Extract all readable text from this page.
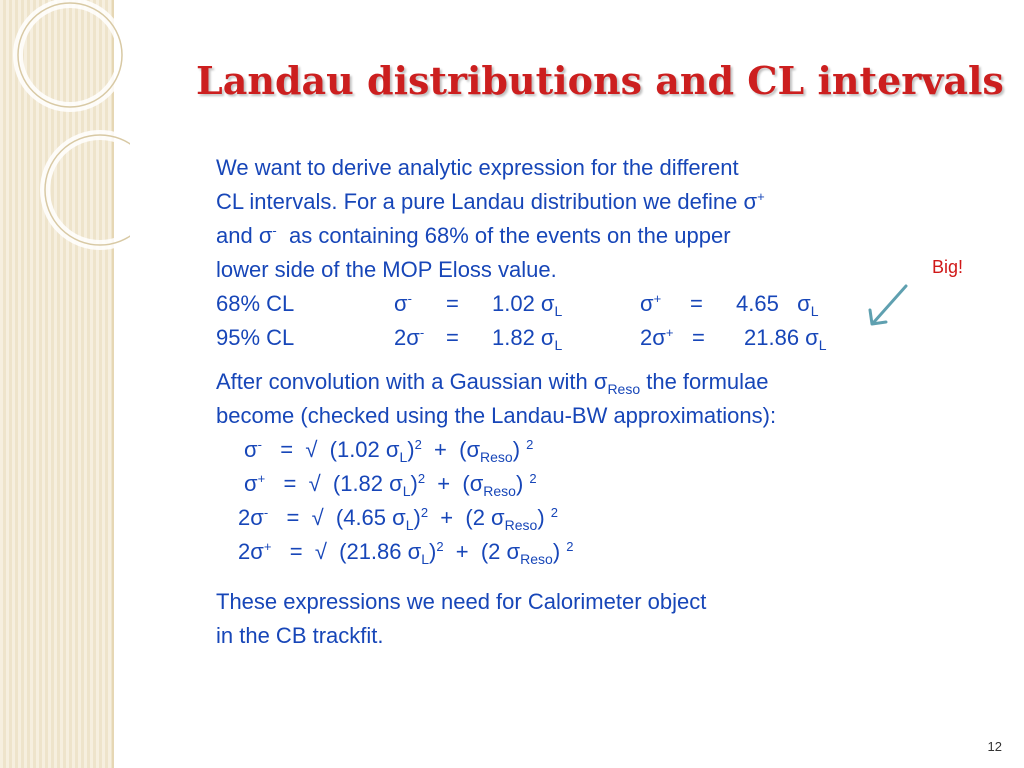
Landau distributions and CL intervals
We want to derive analytic expression for the different
CL intervals. For a pure Landau distribution we define σ+
and σ- as containing 68% of the events on the upper
lower side of the MOP Eloss value.
68% CL	σ- = 1.02 $\sigma_L$	σ+ = 4.65   $\sigma_L$
95% CL	2σ- = 1.82 $\sigma_L$	2σ+ = 21.86 $\sigma_L$
After convolution with a Gaussian with $\sigma_{Reso}$ the formulae
become (checked using the Landau-BW approximations):
σ-   =  √  (1.02 $\sigma_L)^2 + (\sigma_{Reso})$ $^2$
σ+   =  √  (1.82 $\sigma_L)^2 + (\sigma_{Reso})$ $^2$
2σ-   =  √  (4.65 $\sigma_L)^2 + (2$ $\sigma_{Reso}$) $^2$
2σ+   =  √  (21.86 $\sigma_L)^2 + (2$ $\sigma_{Reso}$) $^2$
These expressions we need for Calorimeter object
in the CB trackfit.
Big!
12
